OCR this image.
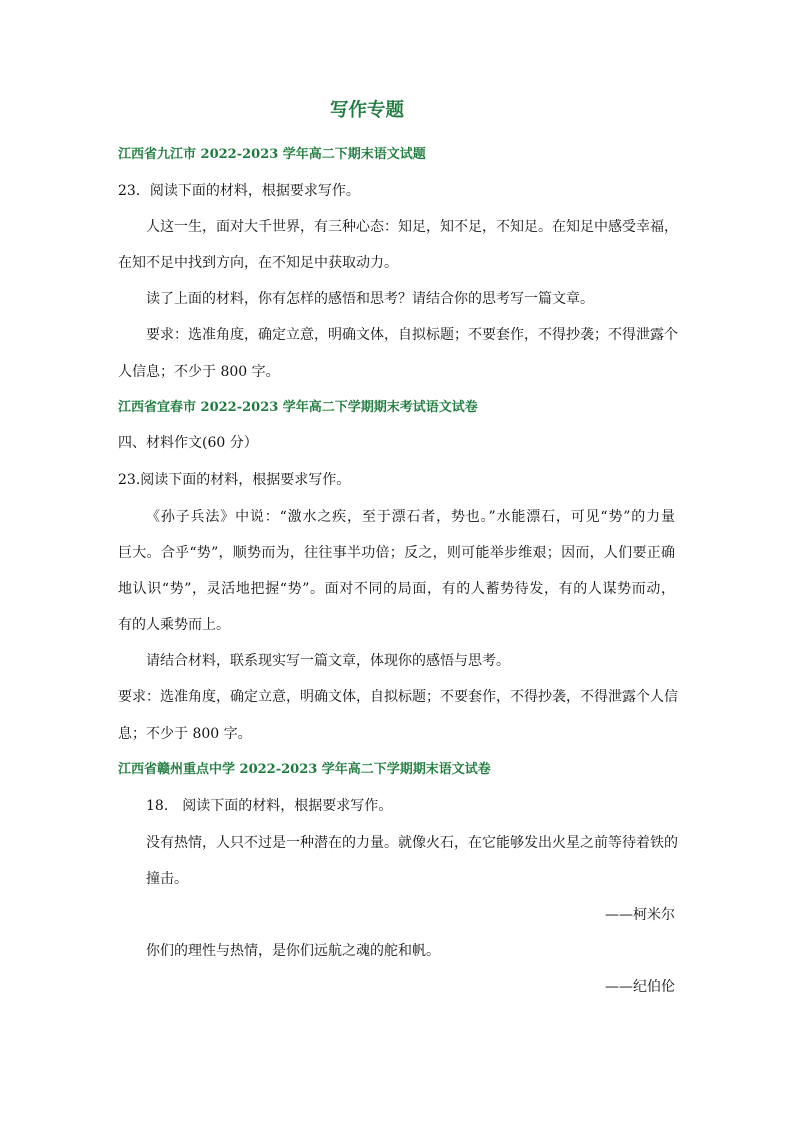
写作专题
江西省九江市 2022-2023 学年高二下期末语文试题
23．阅读下面的材料，根据要求写作。
人这一生，面对大千世界，有三种心态：知足，知不足，不知足。在知足中感受幸福，
在知不足中找到方向，在不知足中获取动力。
读了上面的材料，你有怎样的感悟和思考？请结合你的思考写一篇文章。
要求：选准角度，确定立意，明确文体，自拟标题；不要套作，不得抄袭；不得泄露个
人信息；不少于 800 字。
江西省宜春市 2022-2023 学年高二下学期期末考试语文试卷
四、材料作文(60 分）
23.阅读下面的材料，根据要求写作。
《孙子兵法》中说：“激水之疾，至于漂石者，势也。”水能漂石，可见“势”的力量
巨大。合乎“势”，顺势而为，往往事半功倍；反之，则可能举步维艰；因而，人们要正确
地认识“势”，灵活地把握“势”。面对不同的局面，有的人蓄势待发，有的人谋势而动，
有的人乘势而上。
请结合材料，联系现实写一篇文章，体现你的感悟与思考。
要求：选准角度，确定立意，明确文体，自拟标题；不要套作，不得抄袭，不得泄露个人信
息；不少于 800 字。
江西省赣州重点中学 2022-2023 学年高二下学期期末语文试卷
18.　阅读下面的材料，根据要求写作。
没有热情，人只不过是一种潜在的力量。就像火石，在它能够发出火星之前等待着铁的
撞击。
——柯米尔
你们的理性与热情，是你们远航之魂的舵和帆。
——纪伯伦
